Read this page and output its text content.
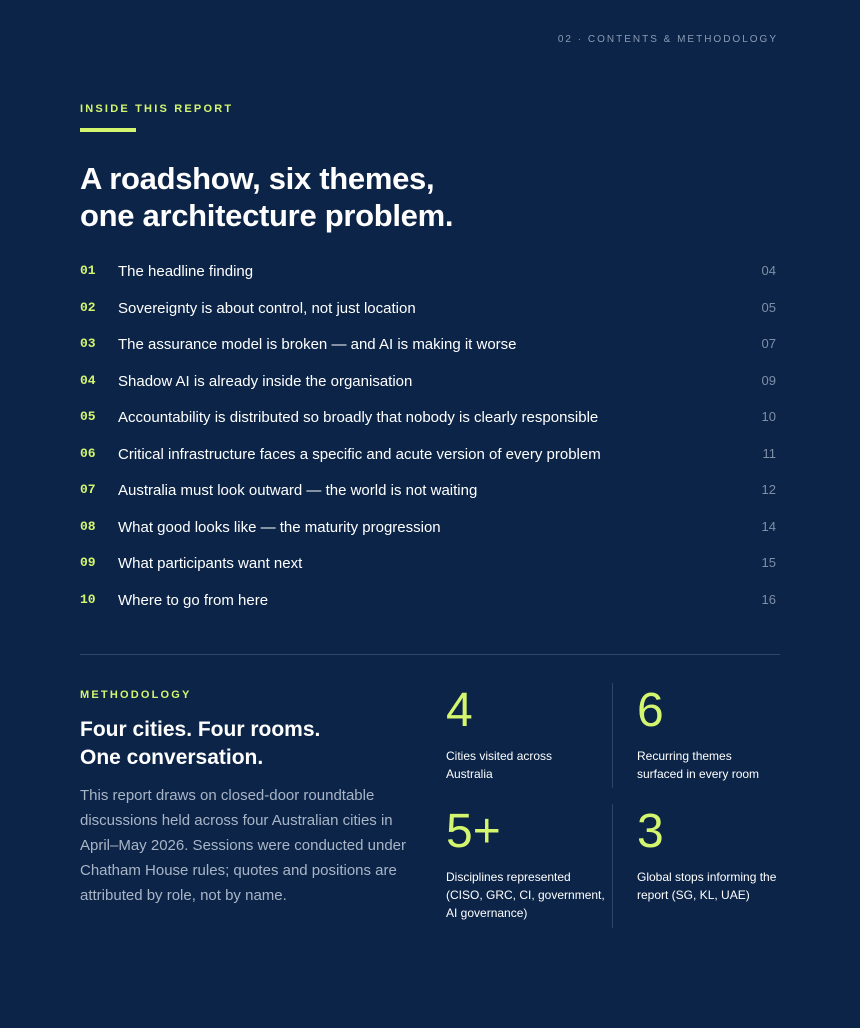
02 · CONTENTS & METHODOLOGY
INSIDE THIS REPORT
A roadshow, six themes,
one architecture problem.
01 The headline finding	04
02 Sovereignty is about control, not just location	05
03 The assurance model is broken — and AI is making it worse	07
04 Shadow AI is already inside the organisation	09
05 Accountability is distributed so broadly that nobody is clearly responsible	10
06 Critical infrastructure faces a specific and acute version of every problem	11
07 Australia must look outward — the world is not waiting	12
08 What good looks like — the maturity progression	14
09 What participants want next	15
10 Where to go from here	16
METHODOLOGY
Four cities. Four rooms.
One conversation.

This report draws on closed-door roundtable discussions held across four Australian cities in April–May 2026. Sessions were conducted under Chatham House rules; quotes and positions are attributed by role, not by name.

4
Cities visited across Australia
6
Recurring themes surfaced in every room
5+
Disciplines represented (CISO, GRC, CI, government, AI governance)
3
Global stops informing the report (SG, KL, UAE)
